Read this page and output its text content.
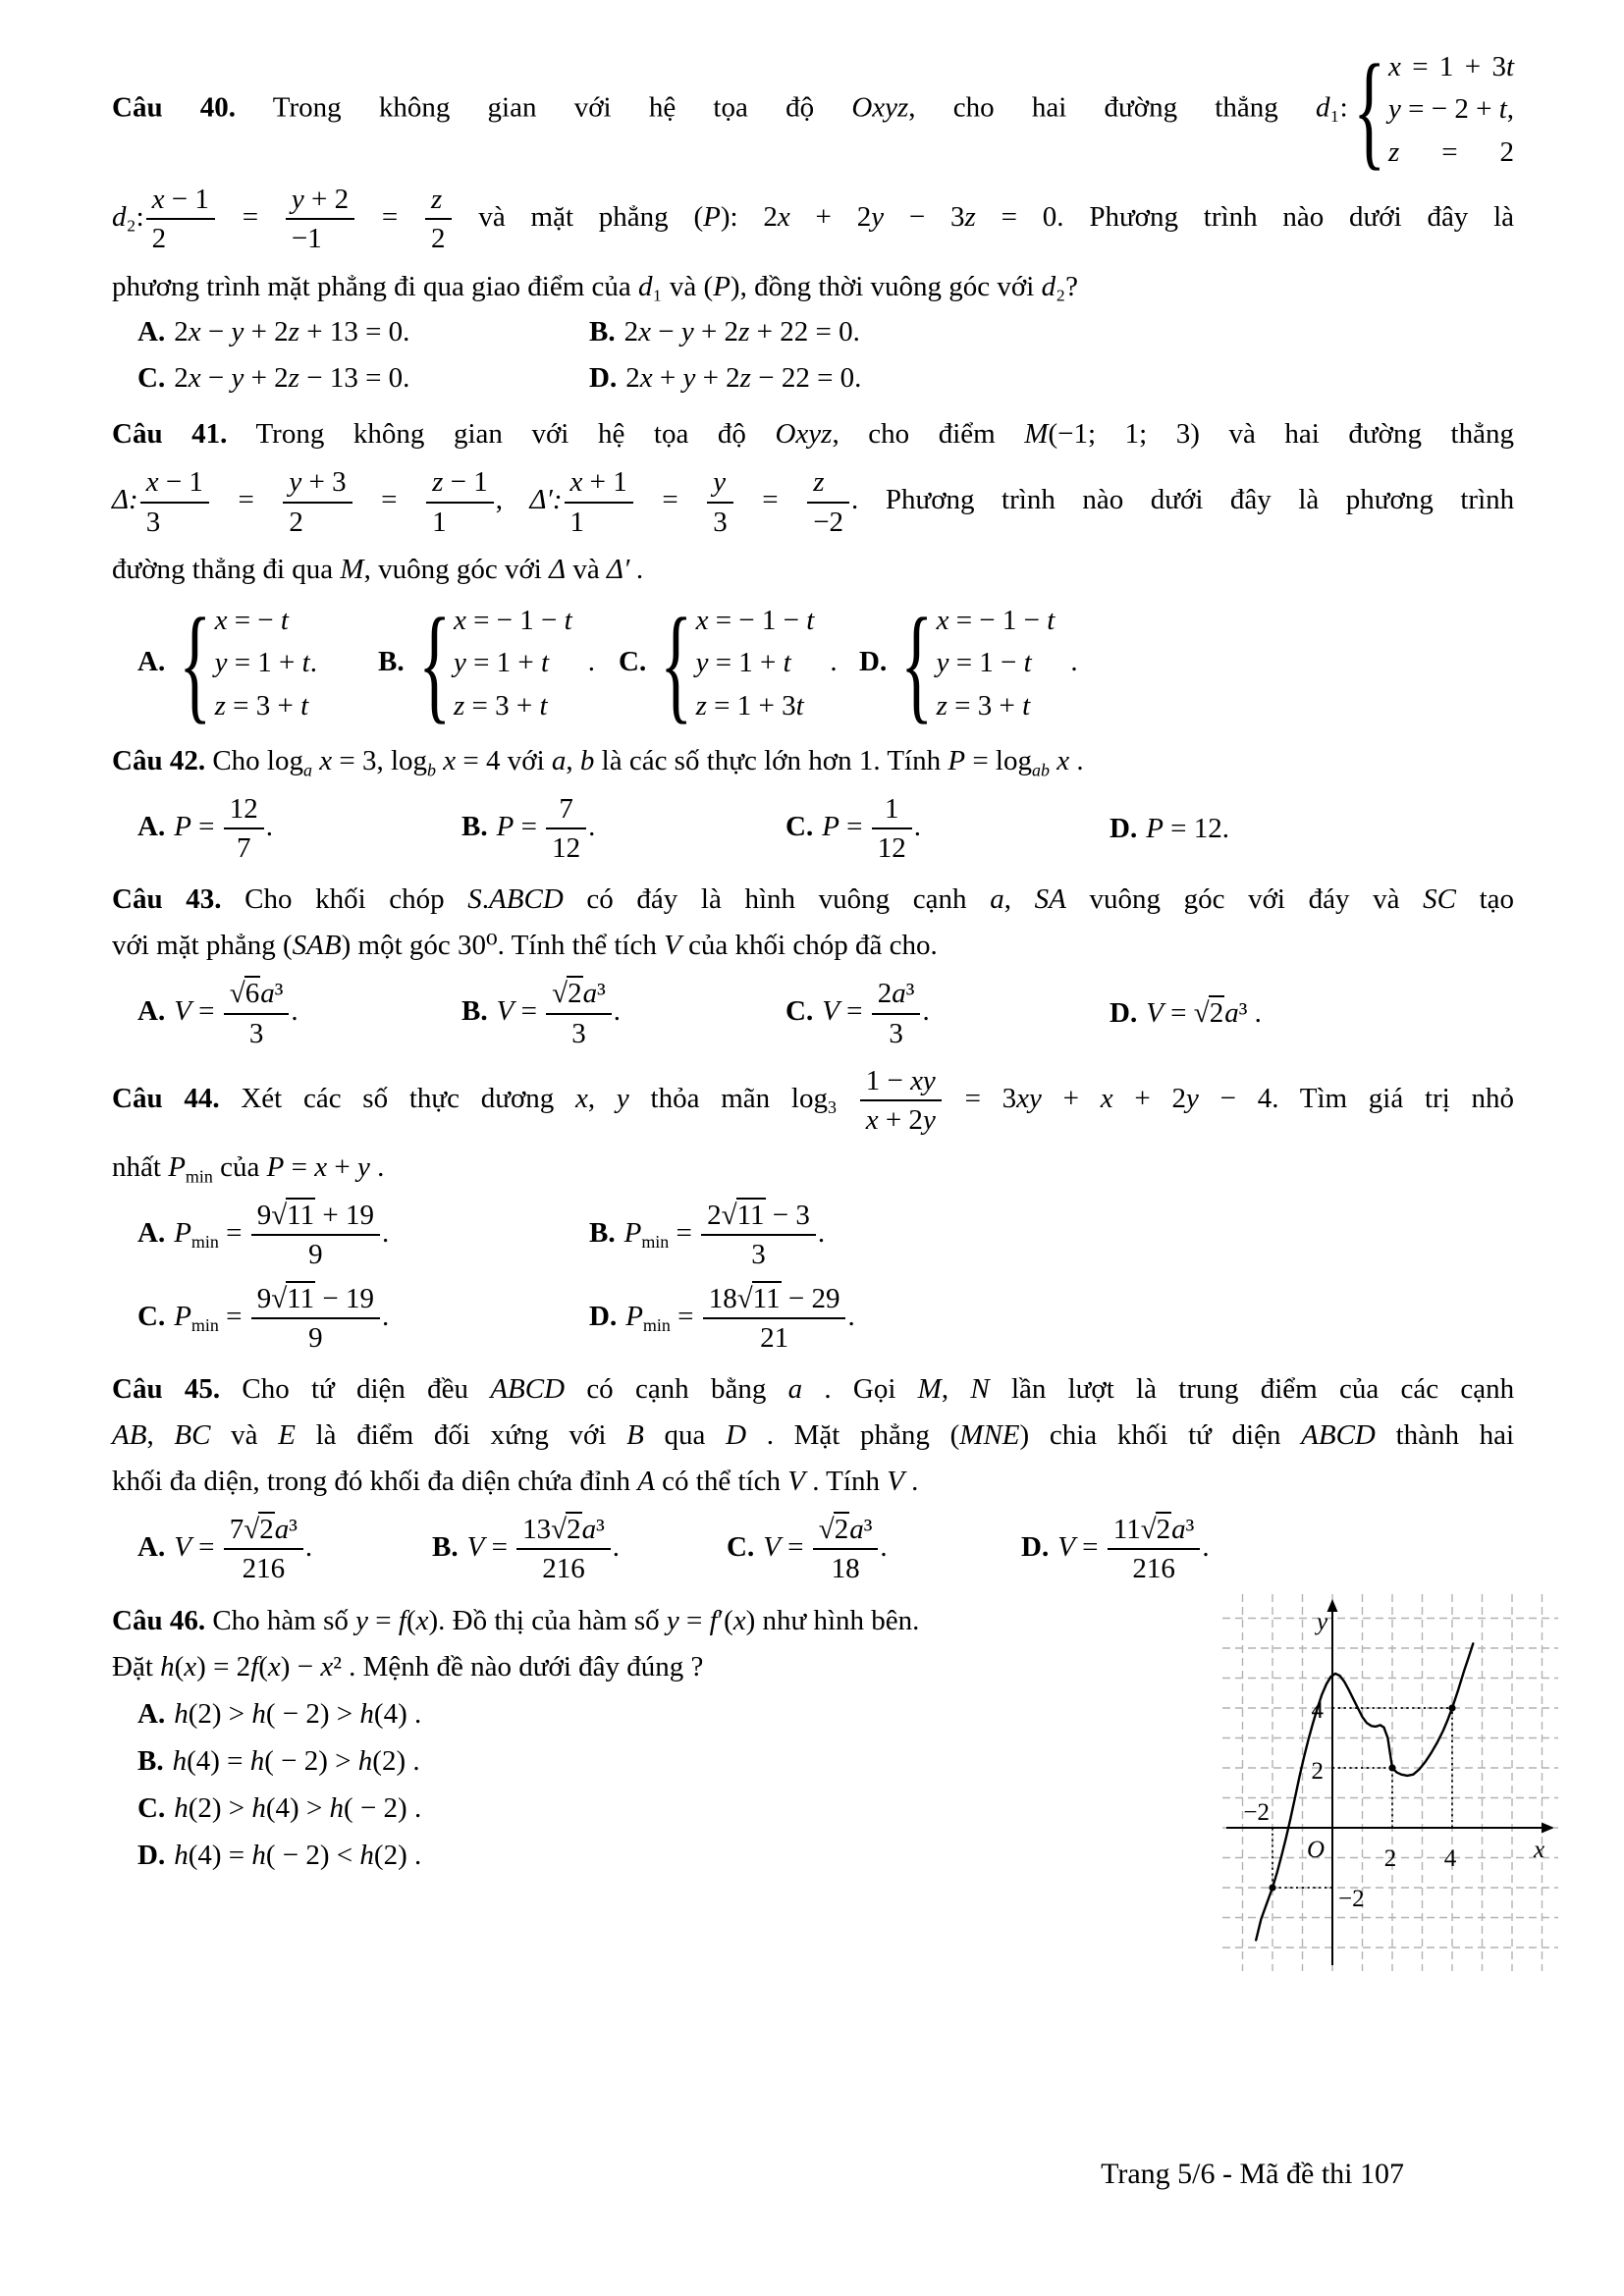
Câu 40. Trong không gian với hệ tọa độ Oxyz, cho hai đường thẳng d₁: { x = 1 + 3t
y = − 2 + t,
z = 2
d₂: $\frac{x - 1}{2} = \frac{y + 2}{-1} = \frac{z}{2}$ và mặt phẳng (P): 2x + 2y − 3z = 0. Phương trình nào dưới đây là
phương trình mặt phẳng đi qua giao điểm của d₁ và (P), đồng thời vuông góc với d₂?
A. 2x − y + 2z + 13 = 0.	B. 2x − y + 2z + 22 = 0.
C. 2x − y + 2z − 13 = 0.	D. 2x + y + 2z − 22 = 0.
Câu 41. Trong không gian với hệ tọa độ Oxyz, cho điểm M(−1; 1; 3) và hai đường thẳng
Δ: $\frac{x - 1}{3} = \frac{y + 3}{2} = \frac{z - 1}{1}$ , Δ′: $\frac{x + 1}{1} = \frac{y}{3} = \frac{z}{-2}$ . Phương trình nào dưới đây là phương trình
đường thẳng đi qua M, vuông góc với Δ và Δ′ .
A. { x = − t
y = 1 + t.
z = 3 + t
B. { x = − 1 − t
y = 1 + t
z = 3 + t
. C. { x = − 1 − t
y = 1 + t
z = 1 + 3t
. D. { x = − 1 − t
y = 1 − t
z = 3 + t
.
Câu 42. Cho $\log_a x = 3$, $\log_b x = 4$ với a, b là các số thực lớn hơn 1. Tính $P = \log_{ab} x$ .
A. $P = \frac{12}{7}$ .	B. $P = \frac{7}{12}$ .	C. $P = \frac{1}{12}$ .	D. P = 12.
Câu 43. Cho khối chóp S.ABCD có đáy là hình vuông cạnh a, SA vuông góc với đáy và SC tạo
với mặt phẳng (SAB) một góc 30⁰. Tính thể tích V của khối chóp đã cho.
A. $V = \frac{\text{√6a³}}{3}$ .	B. $V = \frac{\text{√2a³}}{3}$ .	C. $V = \frac{\text{2a³}}{3}$ .	D. V = √2a³ .
Câu 44. Xét các số thực dương x, y thỏa mãn $\log_3 \frac{1 - xy}{x + 2y} = 3xy + x + 2y - 4$. Tìm giá trị nhỏ
nhất $P_{min}$ của P = x + y .
A. $P_{min} = \frac{9√11 + 19}{9}$ .	B. $P_{min} = \frac{2√11 - 3}{3}$ .
C. $P_{min} = \frac{9√11 - 19}{9}$ .	D. $P_{min} = \frac{18√11 - 29}{21}$ .
Câu 45. Cho tứ diện đều ABCD có cạnh bằng a . Gọi M, N lần lượt là trung điểm của các cạnh
AB, BC và E là điểm đối xứng với B qua D . Mặt phẳng (MNE) chia khối tứ diện ABCD thành hai
khối đa diện, trong đó khối đa diện chứa đỉnh A có thể tích V . Tính V .
A. $V = \frac{\text{7√2a³}}{216}$ .	B. $V = \frac{\text{13√2a³}}{216}$ .	C. $V = \frac{\text{√2a³}}{18}$ .	D. $V = \frac{\text{11√2a³}}{216}$ .
Câu 46. Cho hàm số y = f(x). Đồ thị của hàm số y = f′(x) như hình bên.
Đặt h(x) = 2f(x) − x² . Mệnh đề nào dưới đây đúng ?
A. h(2) > h( − 2) > h(4) .
B. h(4) = h( − 2) > h(2) .
C. h(2) > h(4) > h( − 2) .
D. h(4) = h( − 2) < h(2) .
y
x
O 2 4
−2
4
2
−2
Trang 5/6 - Mã đề thi 107
